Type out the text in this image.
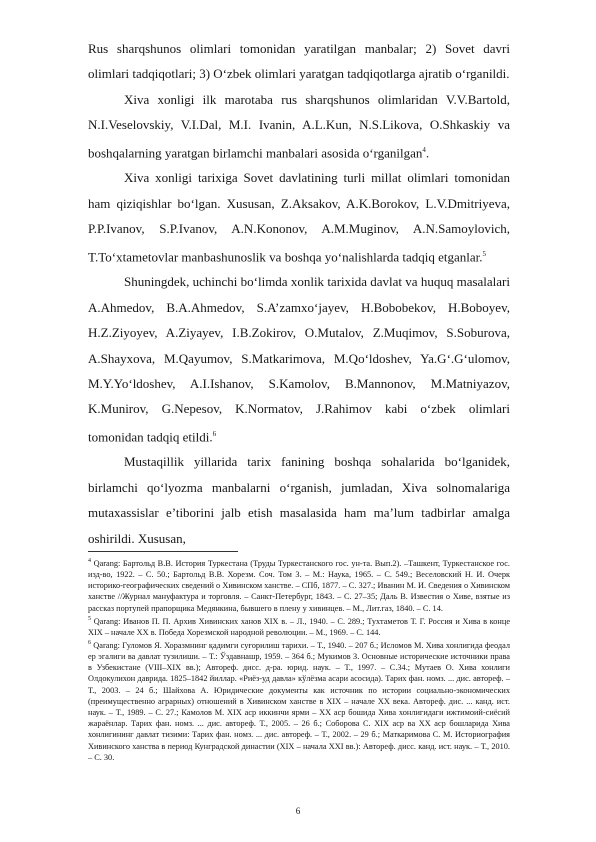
Rus sharqshunos olimlari tomonidan yaratilgan manbalar; 2) Sovet davri olimlari tadqiqotlari; 3) O‘zbek olimlari yaratgan tadqiqotlarga ajratib o‘rganildi.

Xiva xonligi ilk marotaba rus sharqshunos olimlaridan V.V.Bartold, N.I.Veselovskiy, V.I.Dal, M.I. Ivanin, A.L.Kun, N.S.Likova, O.Shkaskiy va boshqalarning yaratgan birlamchi manbalari asosida o‘rganilgan$^4$.

Xiva xonligi tarixiga Sovet davlatining turli millat olimlari tomonidan ham qiziqishlar bo‘lgan. Xususan, Z.Aksakov, A.K.Borokov, L.V.Dmitriyeva, P.P.Ivanov, S.P.Ivanov, A.N.Kononov, A.M.Muginov, A.N.Samoylovich, T.To‘xtametovlar manbashunoslik va boshqa yo‘nalishlarda tadqiq etganlar.$^5$

Shuningdek, uchinchi bo‘limda xonlik tarixida davlat va huquq masalalari A.Ahmedov, B.A.Ahmedov, S.A’zamxo‘jayev, H.Bobobekov, H.Boboyev, H.Z.Ziyoyev, A.Ziyayev, I.B.Zokirov, O.Mutalov, Z.Muqimov, S.Soburova, A.Shayxova, M.Qayumov, S.Matkarimova, M.Qo‘ldoshev, Ya.G‘.G‘ulomov, M.Y.Yo‘ldoshev, A.I.Ishanov, S.Kamolov, B.Mannonov, M.Matniyazov, K.Munirov, G.Nepesov, K.Normatov, J.Rahimov kabi o‘zbek olimlari tomonidan tadqiq etildi.$^6$

Mustaqillik yillarida tarix fanining boshqa sohalarida bo‘lganidek, birlamchi qo‘lyozma manbalarni o‘rganish, jumladan, Xiva solnomalariga mutaxassislar e’tiborini jalb etish masalasida ham ma’lum tadbirlar amalga oshirildi. Xususan,

$^4$ Qarang: Бартольд В.В. История Туркестана (Труды Туркестанского гос. ун-та. Вып.2). –Ташкент, Туркестанское гос. изд-во, 1922. – С. 50.; Бартольд В.В. Хорезм. Соч. Том 3. – М.: Наука, 1965. – С. 549.; Веселовский Н. И. Очерк историко-географических сведений о Хивинском ханстве. – СПб, 1877. – С. 327.; Иванин М. И. Сведения о Хивинском ханстве //Журнал мануфактура и торговля. – Санкт-Петербург, 1843. – С. 27–35; Даль В. Известия о Хиве, взятые из рассказ портупей прапорщика Медянкина, бывшего в плену у хивинцев. – М., Лит.газ, 1840. – С. 14.

$^5$ Qarang: Иванов П. П. Архив Хивинских ханов XIX в. – Л., 1940. – С. 289.; Тухтаметов Т. Г. Россия и Хива в конце XIX – начале XX в. Победа Хорезмской народной революции. – М., 1969. – С. 144.

$^6$ Qarang: Гуломов Я. Хоразмнинг қадимги суғорилиш тарихи. – Т., 1940. – 207 б.; Исломов М. Хива хонлигида феодал ер эгалиги ва давлат тузилиши. – Т.: Ўздавнашр, 1959. – 364 б.; Мукимов З. Основные исторические источники права в Узбекистане (VIII–XIX вв.); Автореф. дисс. д-ра. юрид. наук. – Т., 1997. – С.34.; Мутаев О. Хива хонлиги Олдокулихон даврида. 1825–1842 йиллар. «Риёз-уд давла» кўлёзма асари асосида). Тарих фан. номз. ... дис. автореф. – Т., 2003. – 24 б.; Шайхова А. Юридические документы как источник по истории социально-экономических (преимущественно аграрных) отношений в Хивинском ханстве в XIX – начале XX века. Автореф. дис. ... канд. ист. наук. – Т., 1989. – С. 27.; Камолов М. XIX аср иккинчи ярми – XX аср бошида Хива хонлигидаги ижтимоий-сиёсий жараёнлар. Тарих фан. номз. ... дис. автореф. Т., 2005. – 26 б.; Соборова С. XIX аср ва XX аср бошларида Хива хонлигининг давлат тизими: Тарих фан. номз. ... дис. автореф. – Т., 2002. – 29 б.; Маткаримова С. М. Историография Хивинского ханства в период Кунградской династии (XIX – начала XXI вв.): Автореф. дисс. канд. ист. наук. – Т., 2010. – С. 30.

6
